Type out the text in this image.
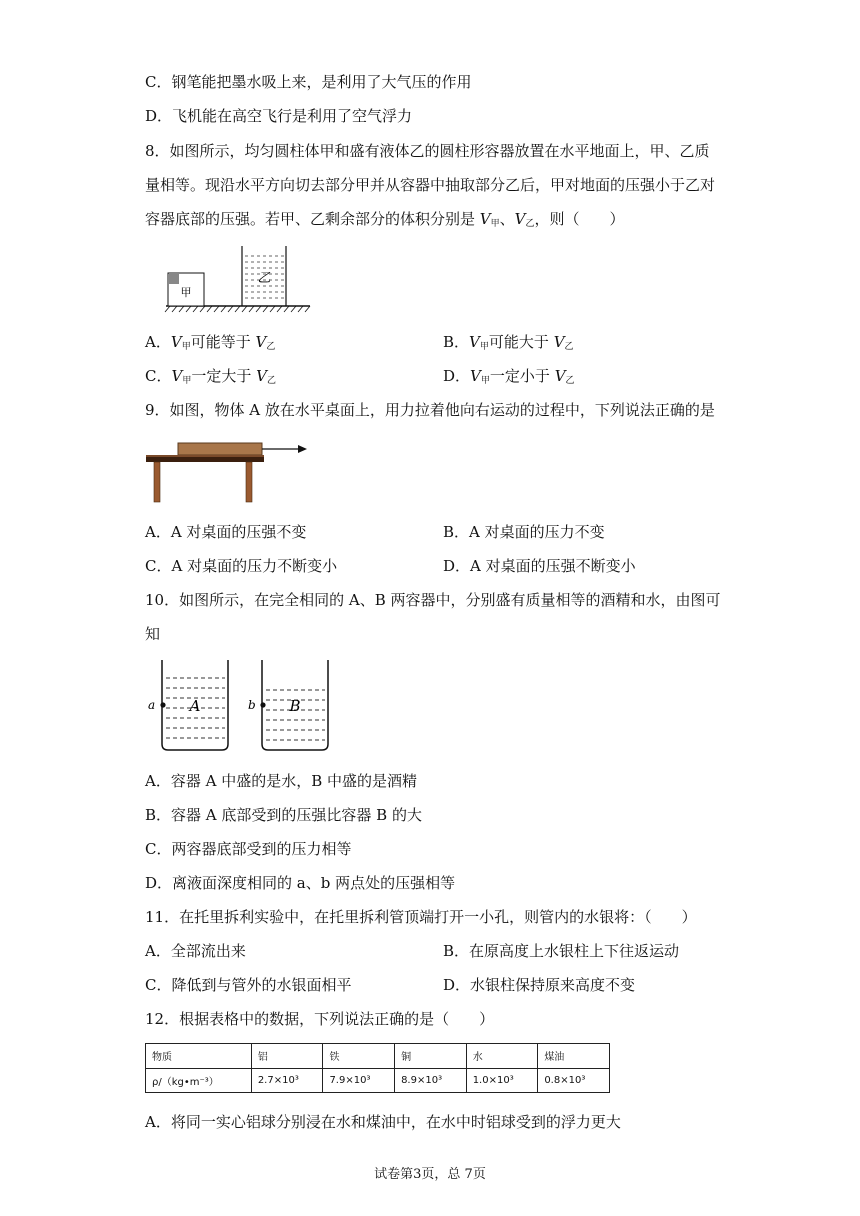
C．钢笔能把墨水吸上来，是利用了大气压的作用
D．飞机能在高空飞行是利用了空气浮力
8．如图所示，均匀圆柱体甲和盛有液体乙的圆柱形容器放置在水平地面上，甲、乙质
量相等。现沿水平方向切去部分甲并从容器中抽取部分乙后，甲对地面的压强小于乙对
容器底部的压强。若甲、乙剩余部分的体积分别是 $V_甲$、$V_乙$，则（　　）
甲
乙
A．$V_甲$可能等于 $V_乙$	B．$V_甲$可能大于 $V_乙$
C．$V_甲$一定大于 $V_乙$	D．$V_甲$一定小于 $V_乙$
9．如图，物体 A 放在水平桌面上，用力拉着他向右运动的过程中，下列说法正确的是
A．A 对桌面的压强不变	B．A 对桌面的压力不变
C．A 对桌面的压力不断变小	D．A 对桌面的压强不断变小
10．如图所示，在完全相同的 A、B 两容器中，分别盛有质量相等的酒精和水，由图可
知
a A	b B
A．容器 A 中盛的是水，B 中盛的是酒精
B．容器 A 底部受到的压强比容器 B 的大
C．两容器底部受到的压力相等
D．离液面深度相同的 a、b 两点处的压强相等
11．在托里拆利实验中，在托里拆利管顶端打开一小孔，则管内的水银将：（　　）
A．全部流出来	B．在原高度上水银柱上下往返运动
C．降低到与管外的水银面相平	D．水银柱保持原来高度不变
12．根据表格中的数据，下列说法正确的是（　　）
物质	铝	铁	铜	水	煤油
ρ/（kg•m⁻³）	2.7×10³	7.9×10³	8.9×10³	1.0×10³	0.8×10³
A．将同一实心铝球分别浸在水和煤油中，在水中时铝球受到的浮力更大
试卷第3页，总 7页
